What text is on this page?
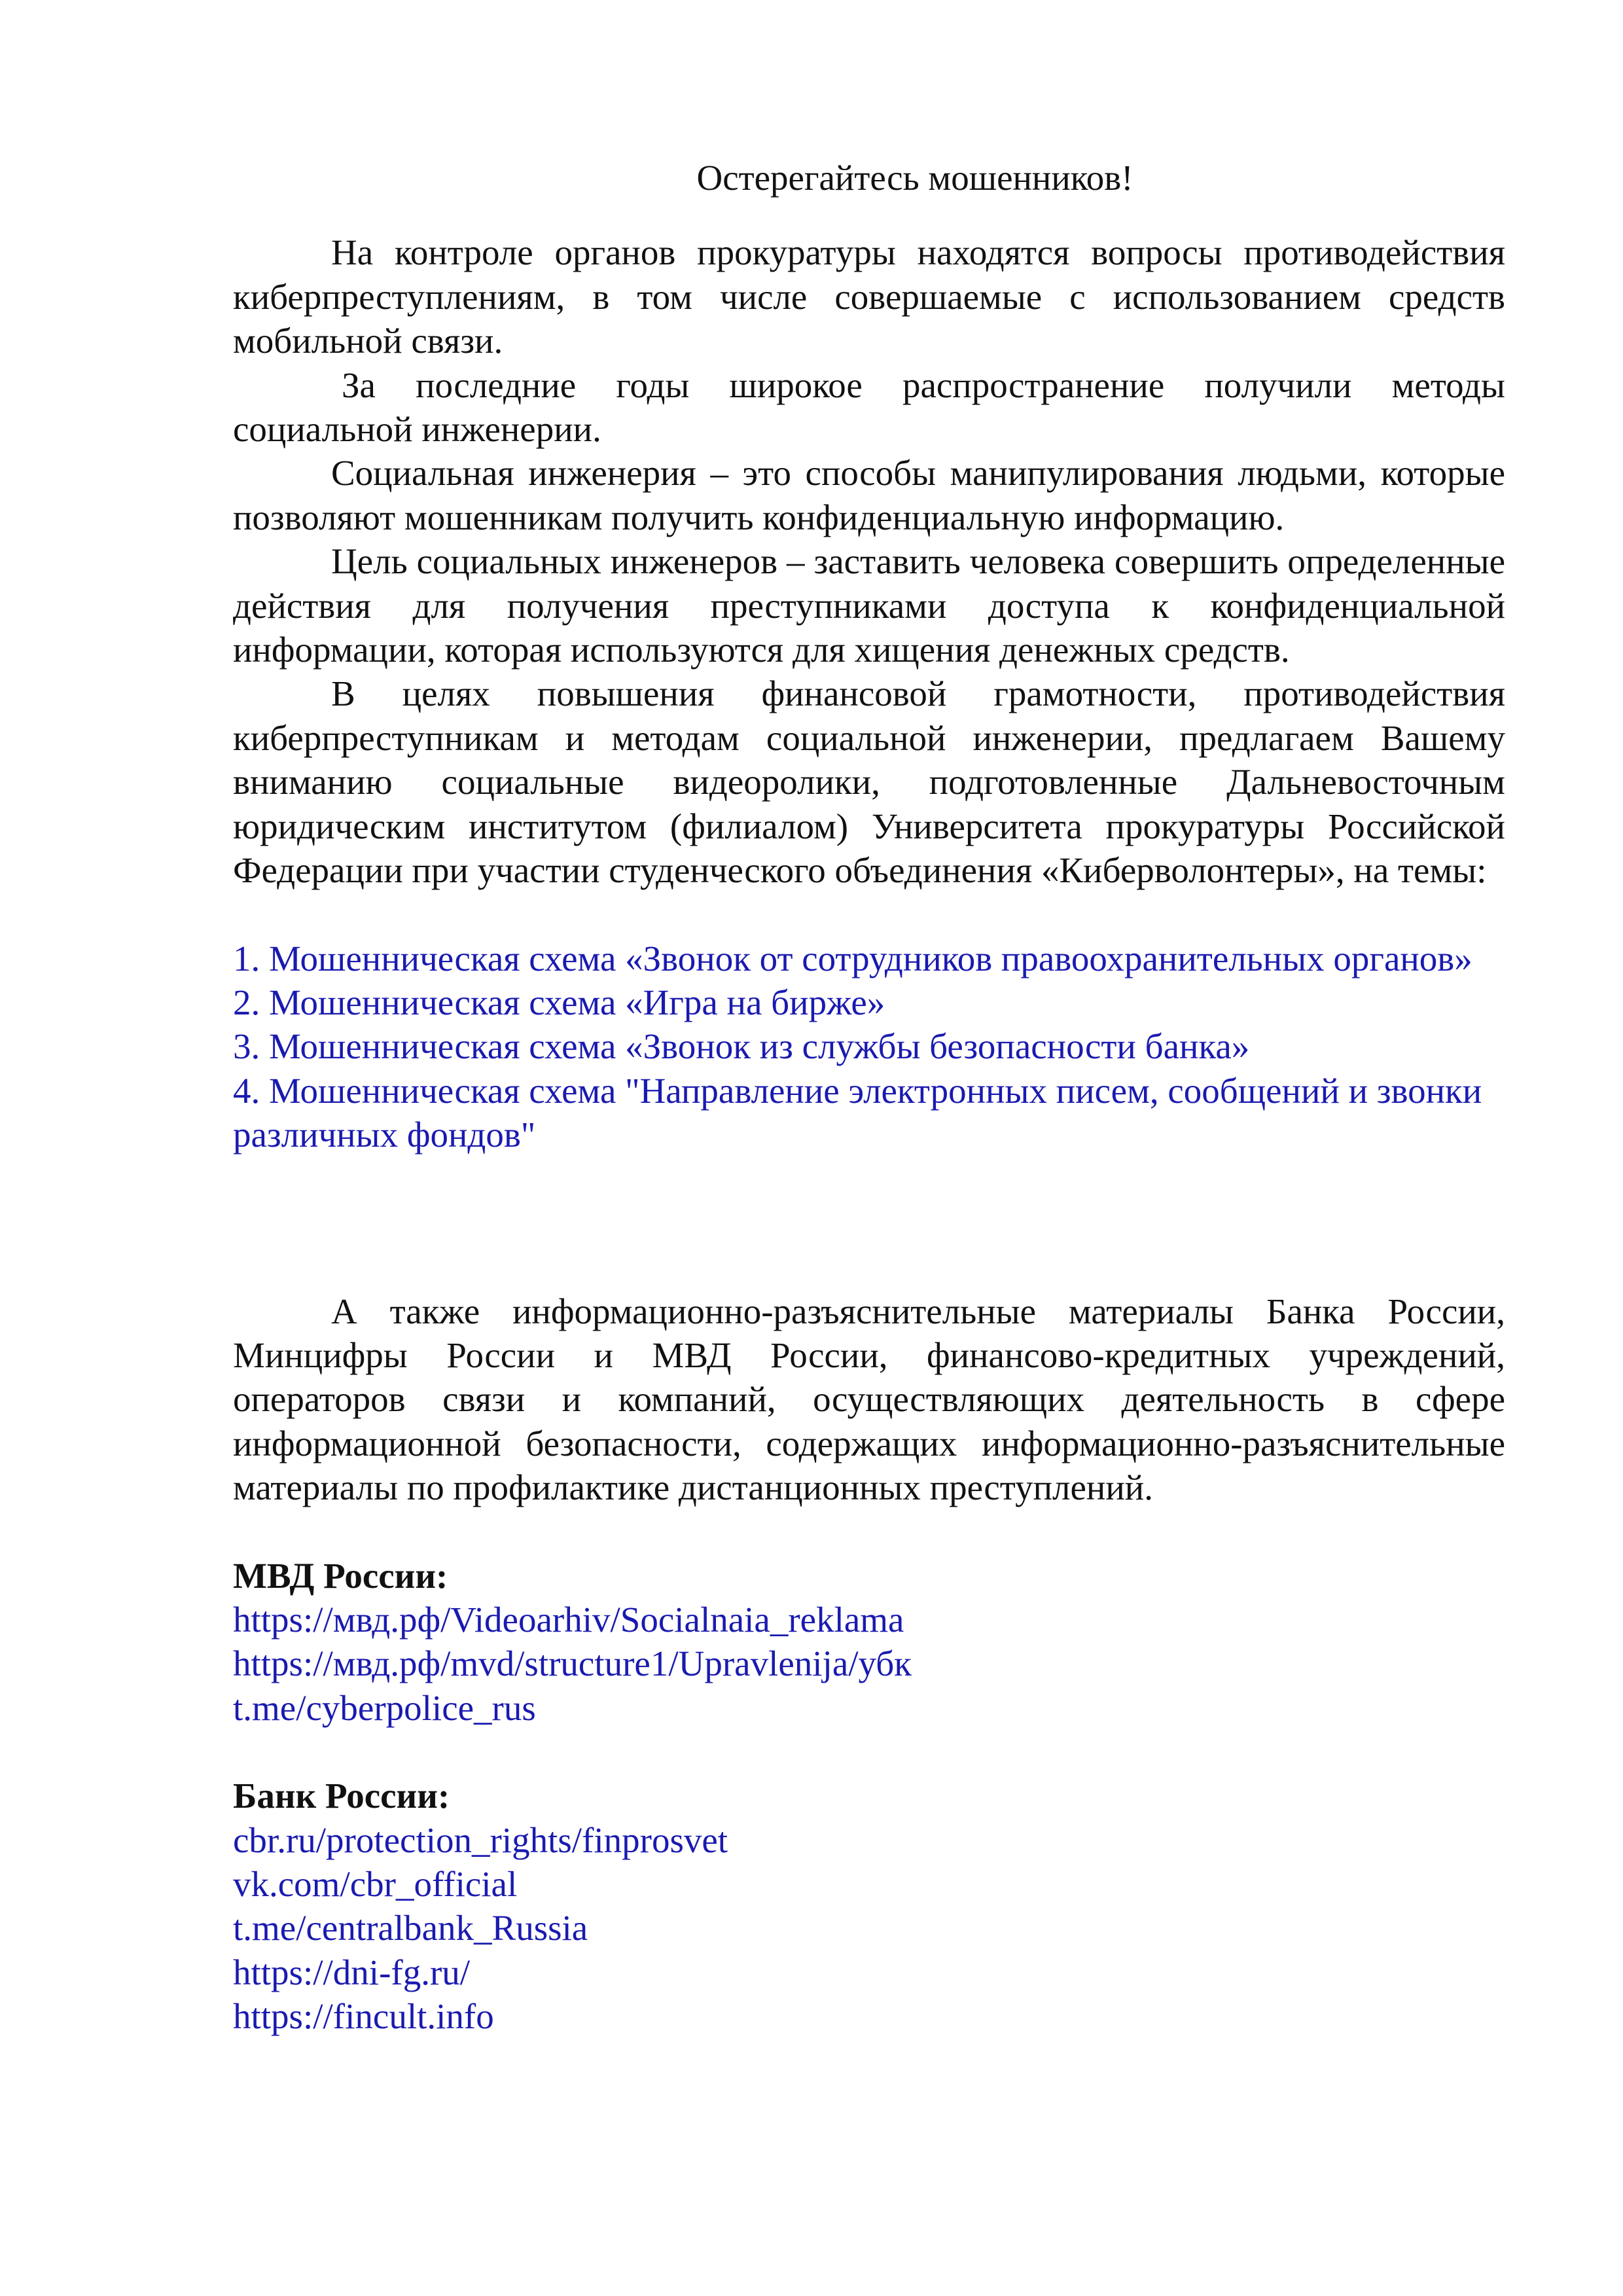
Остерегайтесь мошенников!

На контроле органов прокуратуры находятся вопросы противодействия киберпреступлениям, в том числе совершаемые с использованием средств мобильной связи.

За последние годы широкое распространение получили методы социальной инженерии.

Социальная инженерия – это способы манипулирования людьми, которые позволяют мошенникам получить конфиденциальную информацию.

Цель социальных инженеров – заставить человека совершить определенные действия для получения преступниками доступа к конфиденциальной информации, которая используются для хищения денежных средств.

В целях повышения финансовой грамотности, противодействия киберпреступникам и методам социальной инженерии, предлагаем Вашему вниманию социальные видеоролики, подготовленные Дальневосточным юридическим институтом (филиалом) Университета прокуратуры Российской Федерации при участии студенческого объединения «Киберволонтеры», на темы:

1. Мошенническая схема «Звонок от сотрудников правоохранительных органов»
2. Мошенническая схема «Игра на бирже»
3. Мошенническая схема «Звонок из службы безопасности банка»
4. Мошенническая схема "Направление электронных писем, сообщений и звонки различных фондов"

А также информационно-разъяснительные материалы Банка России, Минцифры России и МВД России, финансово-кредитных учреждений, операторов связи и компаний, осуществляющих деятельность в сфере информационной безопасности, содержащих информационно-разъяснительные материалы по профилактике дистанционных преступлений.

МВД России:

https://мвд.рф/Videoarhiv/Socialnaia_reklama
https://мвд.рф/mvd/structure1/Upravlenija/убк
t.me/cyberpolice_rus

Банк России:

cbr.ru/protection_rights/finprosvet
vk.com/cbr_official
t.me/centralbank_Russia
https://dni-fg.ru/
https://fincult.info
